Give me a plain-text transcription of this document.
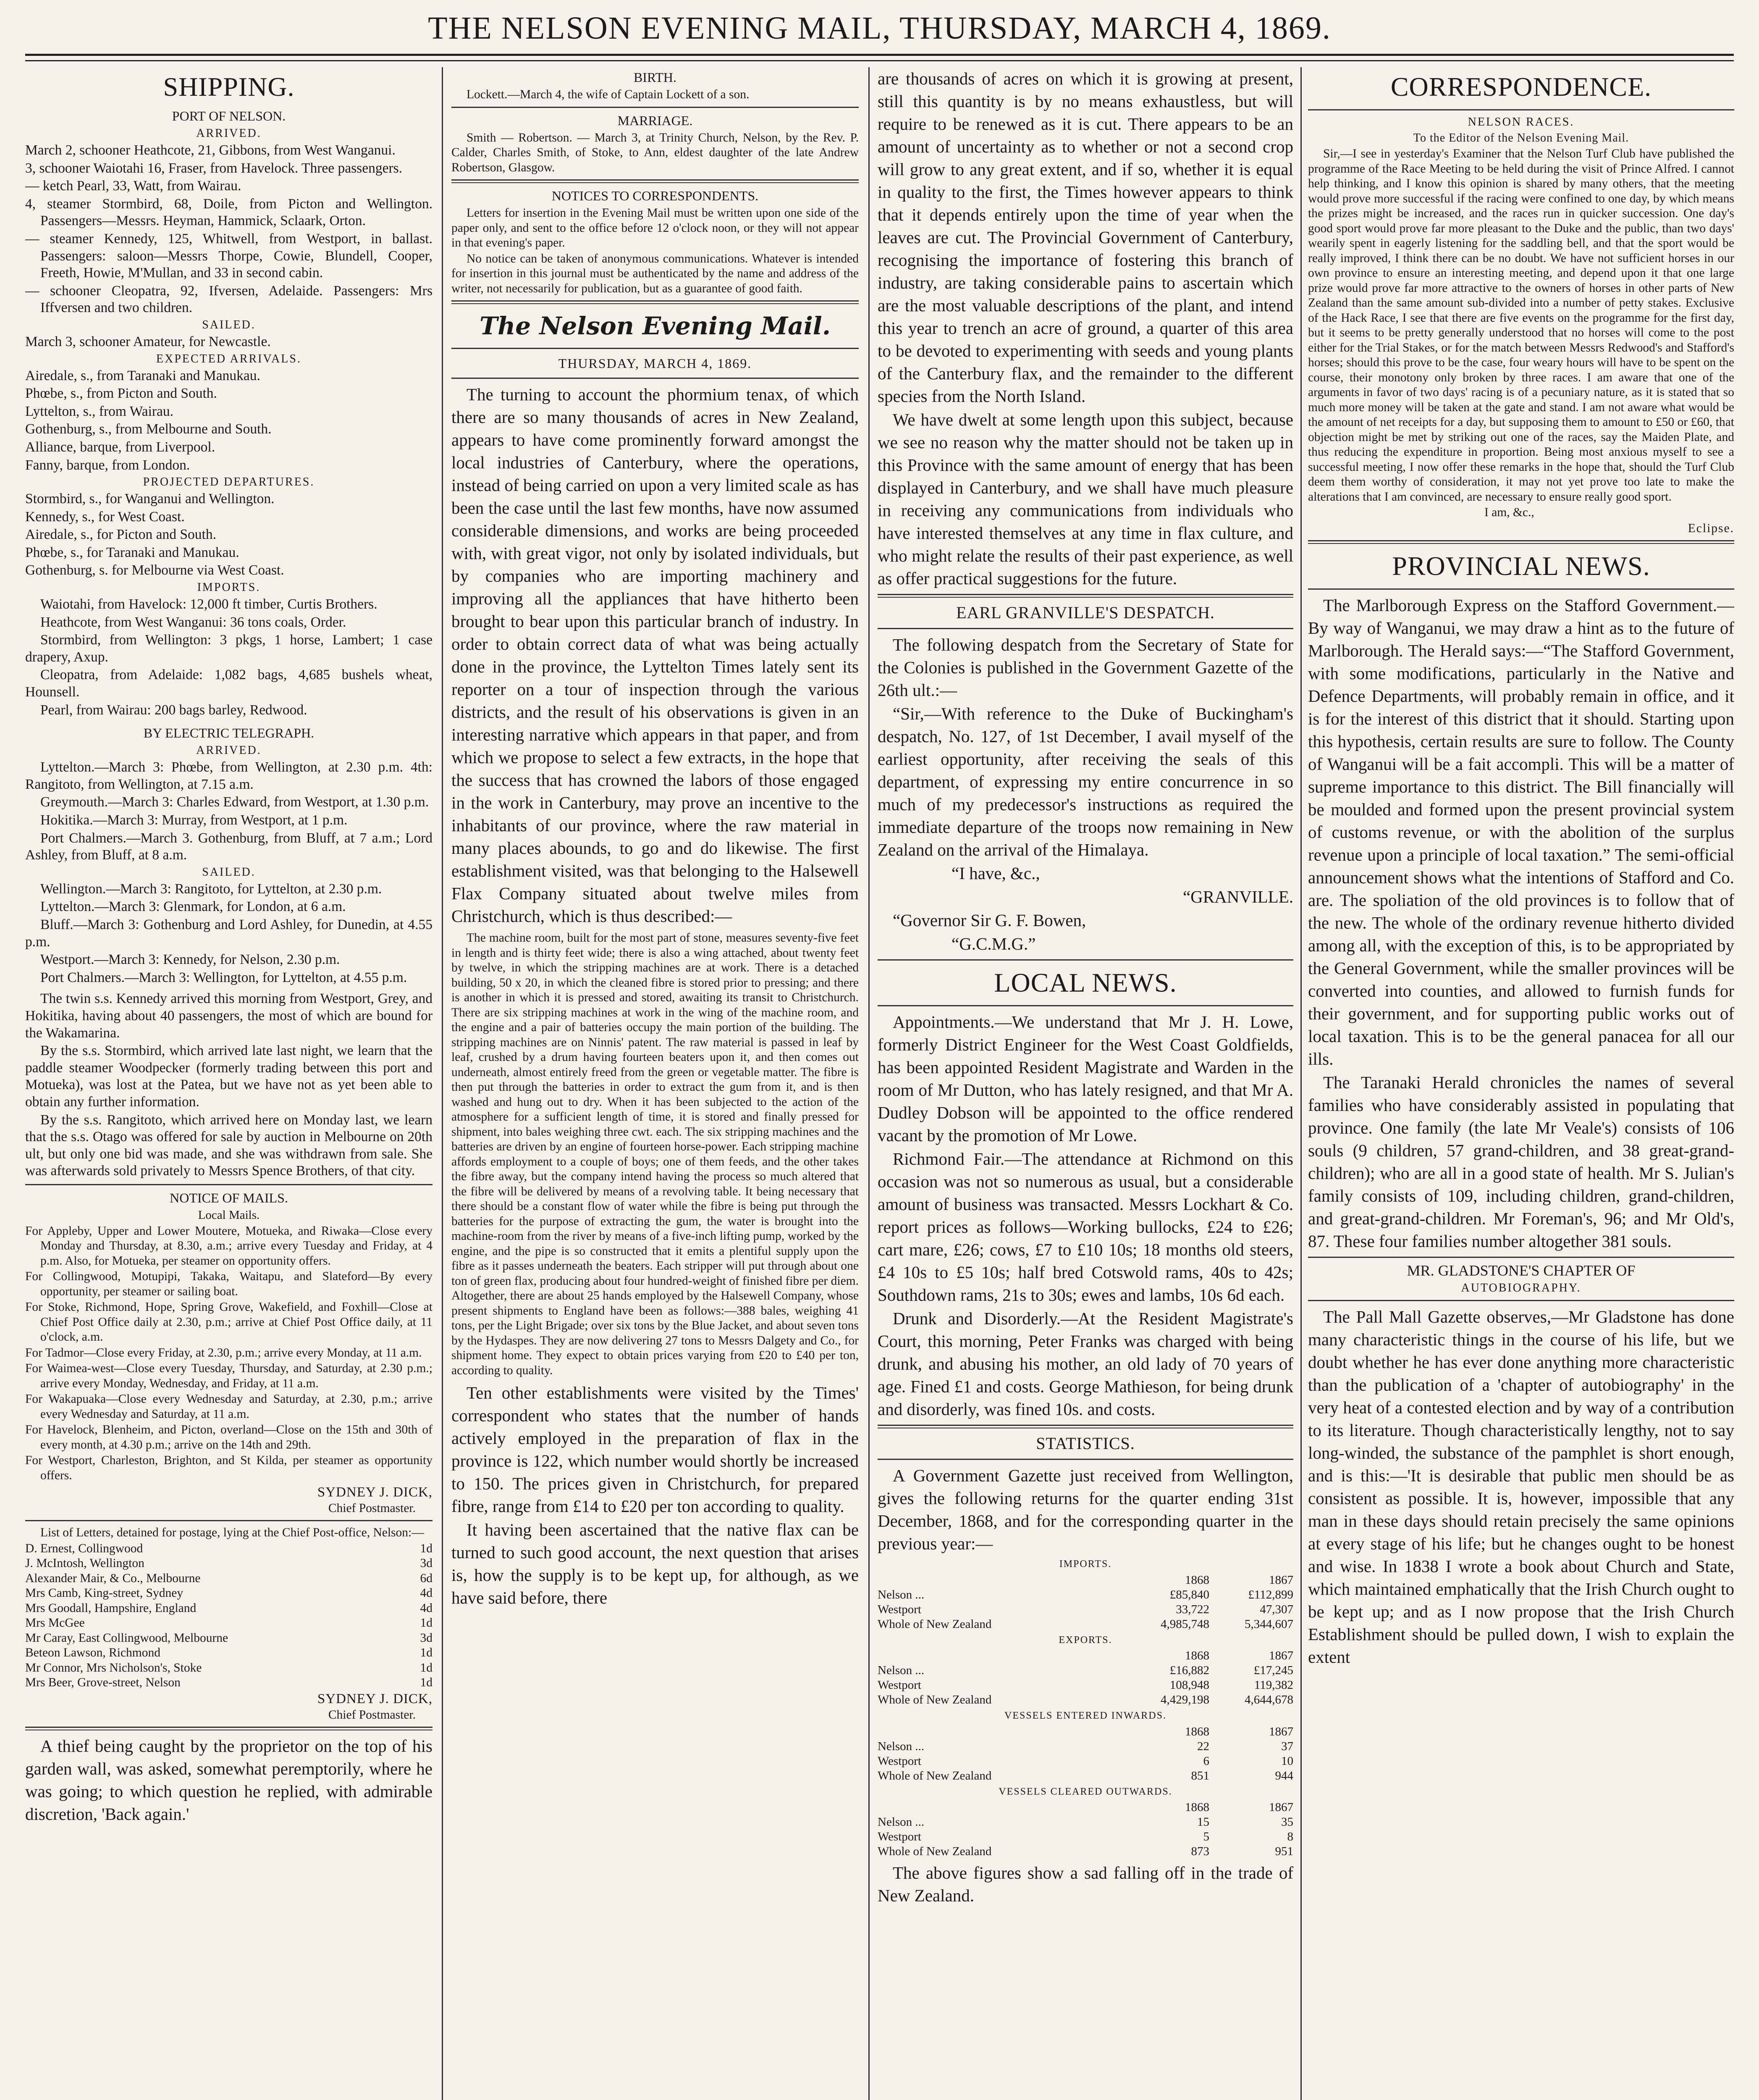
THE NELSON EVENING MAIL, THURSDAY, MARCH 4, 1869.
SHIPPING.
PORT OF NELSON.
ARRIVED.

March 2, schooner Heathcote, 21, Gibbons, from West Wanganui.

3, schooner Waiotahi 16, Fraser, from Havelock. Three passengers.

— ketch Pearl, 33, Watt, from Wairau.

4, steamer Stormbird, 68, Doile, from Picton and Wellington. Passengers—Messrs. Heyman, Hammick, Sclaark, Orton.

— steamer Kennedy, 125, Whitwell, from Westport, in ballast. Passengers: saloon—Messrs Thorpe, Cowie, Blundell, Cooper, Freeth, Howie, M'Mullan, and 33 in second cabin.

— schooner Cleopatra, 92, Ifversen, Adelaide. Passengers: Mrs Iffversen and two children.

SAILED.

March 3, schooner Amateur, for Newcastle.

EXPECTED ARRIVALS.

Airedale, s., from Taranaki and Manukau.

Phœbe, s., from Picton and South.

Lyttelton, s., from Wairau.

Gothenburg, s., from Melbourne and South.

Alliance, barque, from Liverpool.

Fanny, barque, from London.

PROJECTED DEPARTURES.

Stormbird, s., for Wanganui and Wellington.

Kennedy, s., for West Coast.

Airedale, s., for Picton and South.

Phœbe, s., for Taranaki and Manukau.

Gothenburg, s. for Melbourne via West Coast.

IMPORTS.

Waiotahi, from Havelock: 12,000 ft timber, Curtis Brothers.

Heathcote, from West Wanganui: 36 tons coals, Order.

Stormbird, from Wellington: 3 pkgs, 1 horse, Lambert; 1 case drapery, Axup.

Cleopatra, from Adelaide: 1,082 bags, 4,685 bushels wheat, Hounsell.

Pearl, from Wairau: 200 bags barley, Redwood.

BY ELECTRIC TELEGRAPH.
ARRIVED.

Lyttelton.—March 3: Phœbe, from Wellington, at 2.30 p.m. 4th: Rangitoto, from Wellington, at 7.15 a.m.

Greymouth.—March 3: Charles Edward, from Westport, at 1.30 p.m.

Hokitika.—March 3: Murray, from Westport, at 1 p.m.

Port Chalmers.—March 3. Gothenburg, from Bluff, at 7 a.m.; Lord Ashley, from Bluff, at 8 a.m.

SAILED.

Wellington.—March 3: Rangitoto, for Lyttelton, at 2.30 p.m.

Lyttelton.—March 3: Glenmark, for London, at 6 a.m.

Bluff.—March 3: Gothenburg and Lord Ashley, for Dunedin, at 4.55 p.m.

Westport.—March 3: Kennedy, for Nelson, 2.30 p.m.

Port Chalmers.—March 3: Wellington, for Lyttelton, at 4.55 p.m.

The twin s.s. Kennedy arrived this morning from Westport, Grey, and Hokitika, having about 40 passengers, the most of which are bound for the Wakamarina.

By the s.s. Stormbird, which arrived late last night, we learn that the paddle steamer Woodpecker (formerly trading between this port and Motueka), was lost at the Patea, but we have not as yet been able to obtain any further information.

By the s.s. Rangitoto, which arrived here on Monday last, we learn that the s.s. Otago was offered for sale by auction in Melbourne on 20th ult, but only one bid was made, and she was withdrawn from sale. She was afterwards sold privately to Messrs Spence Brothers, of that city.

NOTICE OF MAILS.
Local Mails.

For Appleby, Upper and Lower Moutere, Motueka, and Riwaka—Close every Monday and Thursday, at 8.30, a.m.; arrive every Tuesday and Friday, at 4 p.m. Also, for Motueka, per steamer on opportunity offers.

For Collingwood, Motupipi, Takaka, Waitapu, and Slateford—By every opportunity, per steamer or sailing boat.

For Stoke, Richmond, Hope, Spring Grove, Wakefield, and Foxhill—Close at Chief Post Office daily at 2.30, p.m.; arrive at Chief Post Office daily, at 11 o'clock, a.m.

For Tadmor—Close every Friday, at 2.30, p.m.; arrive every Monday, at 11 a.m.

For Waimea-west—Close every Tuesday, Thursday, and Saturday, at 2.30 p.m.; arrive every Monday, Wednesday, and Friday, at 11 a.m.

For Wakapuaka—Close every Wednesday and Saturday, at 2.30, p.m.; arrive every Wednesday and Saturday, at 11 a.m.

For Havelock, Blenheim, and Picton, overland—Close on the 15th and 30th of every month, at 4.30 p.m.; arrive on the 14th and 29th.

For Westport, Charleston, Brighton, and St Kilda, per steamer as opportunity offers.

SYDNEY J. DICK,
Chief Postmaster.

List of Letters, detained for postage, lying at the Chief Post-office, Nelson:—

D. Ernest, Collingwood	1d
J. McIntosh, Wellington	3d
Alexander Mair, & Co., Melbourne	6d
Mrs Camb, King-street, Sydney	4d
Mrs Goodall, Hampshire, England	4d
Mrs McGee	1d
Mr Caray, East Collingwood, Melbourne	3d
Beteon Lawson, Richmond	1d
Mr Connor, Mrs Nicholson's, Stoke	1d
Mrs Beer, Grove-street, Nelson	1d
SYDNEY J. DICK,
Chief Postmaster.

A thief being caught by the proprietor on the top of his garden wall, was asked, somewhat peremptorily, where he was going; to which question he replied, with admirable discretion, 'Back again.'

BIRTH.

Lockett.—March 4, the wife of Captain Lockett of a son.

MARRIAGE.

Smith — Robertson. — March 3, at Trinity Church, Nelson, by the Rev. P. Calder, Charles Smith, of Stoke, to Ann, eldest daughter of the late Andrew Robertson, Glasgow.

NOTICES TO CORRESPONDENTS.

Letters for insertion in the Evening Mail must be written upon one side of the paper only, and sent to the office before 12 o'clock noon, or they will not appear in that evening's paper.

No notice can be taken of anonymous communications. Whatever is intended for insertion in this journal must be authenticated by the name and address of the writer, not necessarily for publication, but as a guarantee of good faith.

The Nelson Evening Mail.
THURSDAY, MARCH 4, 1869.

The turning to account the phormium tenax, of which there are so many thousands of acres in New Zealand, appears to have come prominently forward amongst the local industries of Canterbury, where the operations, instead of being carried on upon a very limited scale as has been the case until the last few months, have now assumed considerable dimensions, and works are being proceeded with, with great vigor, not only by isolated individuals, but by companies who are importing machinery and improving all the appliances that have hitherto been brought to bear upon this particular branch of industry. In order to obtain correct data of what was being actually done in the province, the Lyttelton Times lately sent its reporter on a tour of inspection through the various districts, and the result of his observations is given in an interesting narrative which appears in that paper, and from which we propose to select a few extracts, in the hope that the success that has crowned the labors of those engaged in the work in Canterbury, may prove an incentive to the inhabitants of our province, where the raw material in many places abounds, to go and do likewise. The first establishment visited, was that belonging to the Halsewell Flax Company situated about twelve miles from Christchurch, which is thus described:—

The machine room, built for the most part of stone, measures seventy-five feet in length and is thirty feet wide; there is also a wing attached, about twenty feet by twelve, in which the stripping machines are at work. There is a detached building, 50 x 20, in which the cleaned fibre is stored prior to pressing; and there is another in which it is pressed and stored, awaiting its transit to Christchurch. There are six stripping machines at work in the wing of the machine room, and the engine and a pair of batteries occupy the main portion of the building. The stripping machines are on Ninnis' patent. The raw material is passed in leaf by leaf, crushed by a drum having fourteen beaters upon it, and then comes out underneath, almost entirely freed from the green or vegetable matter. The fibre is then put through the batteries in order to extract the gum from it, and is then washed and hung out to dry. When it has been subjected to the action of the atmosphere for a sufficient length of time, it is stored and finally pressed for shipment, into bales weighing three cwt. each. The six stripping machines and the batteries are driven by an engine of fourteen horse-power. Each stripping machine affords employment to a couple of boys; one of them feeds, and the other takes the fibre away, but the company intend having the process so much altered that the fibre will be delivered by means of a revolving table. It being necessary that there should be a constant flow of water while the fibre is being put through the batteries for the purpose of extracting the gum, the water is brought into the machine-room from the river by means of a five-inch lifting pump, worked by the engine, and the pipe is so constructed that it emits a plentiful supply upon the fibre as it passes underneath the beaters. Each stripper will put through about one ton of green flax, producing about four hundred-weight of finished fibre per diem. Altogether, there are about 25 hands employed by the Halsewell Company, whose present shipments to England have been as follows:—388 bales, weighing 41 tons, per the Light Brigade; over six tons by the Blue Jacket, and about seven tons by the Hydaspes. They are now delivering 27 tons to Messrs Dalgety and Co., for shipment home. They expect to obtain prices varying from £20 to £40 per ton, according to quality.

Ten other establishments were visited by the Times' correspondent who states that the number of hands actively employed in the preparation of flax in the province is 122, which number would shortly be increased to 150. The prices given in Christchurch, for prepared fibre, range from £14 to £20 per ton according to quality.

It having been ascertained that the native flax can be turned to such good account, the next question that arises is, how the supply is to be kept up, for although, as we have said before, there

are thousands of acres on which it is growing at present, still this quantity is by no means exhaustless, but will require to be renewed as it is cut. There appears to be an amount of uncertainty as to whether or not a second crop will grow to any great extent, and if so, whether it is equal in quality to the first, the Times however appears to think that it depends entirely upon the time of year when the leaves are cut. The Provincial Government of Canterbury, recognising the importance of fostering this branch of industry, are taking considerable pains to ascertain which are the most valuable descriptions of the plant, and intend this year to trench an acre of ground, a quarter of this area to be devoted to experimenting with seeds and young plants of the Canterbury flax, and the remainder to the different species from the North Island.

We have dwelt at some length upon this subject, because we see no reason why the matter should not be taken up in this Province with the same amount of energy that has been displayed in Canterbury, and we shall have much pleasure in receiving any communications from individuals who have interested themselves at any time in flax culture, and who might relate the results of their past experience, as well as offer practical suggestions for the future.

EARL GRANVILLE'S DESPATCH.

The following despatch from the Secretary of State for the Colonies is published in the Government Gazette of the 26th ult.:—

“Sir,—With reference to the Duke of Buckingham's despatch, No. 127, of 1st December, I avail myself of the earliest opportunity, after receiving the seals of this department, of expressing my entire concurrence in so much of my predecessor's instructions as required the immediate departure of the troops now remaining in New Zealand on the arrival of the Himalaya.

“I have, &c.,

“GRANVILLE.

“Governor Sir G. F. Bowen,

“G.C.M.G.”

LOCAL NEWS.

Appointments.—We understand that Mr J. H. Lowe, formerly District Engineer for the West Coast Goldfields, has been appointed Resident Magistrate and Warden in the room of Mr Dutton, who has lately resigned, and that Mr A. Dudley Dobson will be appointed to the office rendered vacant by the promotion of Mr Lowe.

Richmond Fair.—The attendance at Richmond on this occasion was not so numerous as usual, but a considerable amount of business was transacted. Messrs Lockhart & Co. report prices as follows—Working bullocks, £24 to £26; cart mare, £26; cows, £7 to £10 10s; 18 months old steers, £4 10s to £5 10s; half bred Cotswold rams, 40s to 42s; Southdown rams, 21s to 30s; ewes and lambs, 10s 6d each.

Drunk and Disorderly.—At the Resident Magistrate's Court, this morning, Peter Franks was charged with being drunk, and abusing his mother, an old lady of 70 years of age. Fined £1 and costs. George Mathieson, for being drunk and disorderly, was fined 10s. and costs.

STATISTICS.

A Government Gazette just received from Wellington, gives the following returns for the quarter ending 31st December, 1868, and for the corresponding quarter in the previous year:—

IMPORTS.
	1868	1867
Nelson ...	£85,840	£112,899
Westport	33,722	47,307
Whole of New Zealand	4,985,748	5,344,607
EXPORTS.
	1868	1867
Nelson ...	£16,882	£17,245
Westport	108,948	119,382
Whole of New Zealand	4,429,198	4,644,678
VESSELS ENTERED INWARDS.
	1868	1867
Nelson ...	22	37
Westport	6	10
Whole of New Zealand	851	944
VESSELS CLEARED OUTWARDS.
	1868	1867
Nelson ...	15	35
Westport	5	8
Whole of New Zealand	873	951

The above figures show a sad falling off in the trade of New Zealand.

CORRESPONDENCE.
NELSON RACES.
To the Editor of the Nelson Evening Mail.

Sir,—I see in yesterday's Examiner that the Nelson Turf Club have published the programme of the Race Meeting to be held during the visit of Prince Alfred. I cannot help thinking, and I know this opinion is shared by many others, that the meeting would prove more successful if the racing were confined to one day, by which means the prizes might be increased, and the races run in quicker succession. One day's good sport would prove far more pleasant to the Duke and the public, than two days' wearily spent in eagerly listening for the saddling bell, and that the sport would be really improved, I think there can be no doubt. We have not sufficient horses in our own province to ensure an interesting meeting, and depend upon it that one large prize would prove far more attractive to the owners of horses in other parts of New Zealand than the same amount sub-divided into a number of petty stakes. Exclusive of the Hack Race, I see that there are five events on the programme for the first day, but it seems to be pretty generally understood that no horses will come to the post either for the Trial Stakes, or for the match between Messrs Redwood's and Stafford's horses; should this prove to be the case, four weary hours will have to be spent on the course, their monotony only broken by three races. I am aware that one of the arguments in favor of two days' racing is of a pecuniary nature, as it is stated that so much more money will be taken at the gate and stand. I am not aware what would be the amount of net receipts for a day, but supposing them to amount to £50 or £60, that objection might be met by striking out one of the races, say the Maiden Plate, and thus reducing the expenditure in proportion. Being most anxious myself to see a successful meeting, I now offer these remarks in the hope that, should the Turf Club deem them worthy of consideration, it may not yet prove too late to make the alterations that I am convinced, are necessary to ensure really good sport.

I am, &c.,

Eclipse.

PROVINCIAL NEWS.

The Marlborough Express on the Stafford Government.—By way of Wanganui, we may draw a hint as to the future of Marlborough. The Herald says:—“The Stafford Government, with some modifications, particularly in the Native and Defence Departments, will probably remain in office, and it is for the interest of this district that it should. Starting upon this hypothesis, certain results are sure to follow. The County of Wanganui will be a fait accompli. This will be a matter of supreme importance to this district. The Bill financially will be moulded and formed upon the present provincial system of customs revenue, or with the abolition of the surplus revenue upon a principle of local taxation.” The semi-official announcement shows what the intentions of Stafford and Co. are. The spoliation of the old provinces is to follow that of the new. The whole of the ordinary revenue hitherto divided among all, with the exception of this, is to be appropriated by the General Government, while the smaller provinces will be converted into counties, and allowed to furnish funds for their government, and for supporting public works out of local taxation. This is to be the general panacea for all our ills.

The Taranaki Herald chronicles the names of several families who have considerably assisted in populating that province. One family (the late Mr Veale's) consists of 106 souls (9 children, 57 grand-children, and 38 great-grand-children); who are all in a good state of health. Mr S. Julian's family consists of 109, including children, grand-children, and great-grand-children. Mr Foreman's, 96; and Mr Old's, 87. These four families number altogether 381 souls.

MR. GLADSTONE'S CHAPTER OF
AUTOBIOGRAPHY.

The Pall Mall Gazette observes,—Mr Gladstone has done many characteristic things in the course of his life, but we doubt whether he has ever done anything more characteristic than the publication of a 'chapter of autobiography' in the very heat of a contested election and by way of a contribution to its literature. Though characteristically lengthy, not to say long-winded, the substance of the pamphlet is short enough, and is this:—'It is desirable that public men should be as consistent as possible. It is, however, impossible that any man in these days should retain precisely the same opinions at every stage of his life; but he changes ought to be honest and wise. In 1838 I wrote a book about Church and State, which maintained emphatically that the Irish Church ought to be kept up; and as I now propose that the Irish Church Establishment should be pulled down, I wish to explain the extent
